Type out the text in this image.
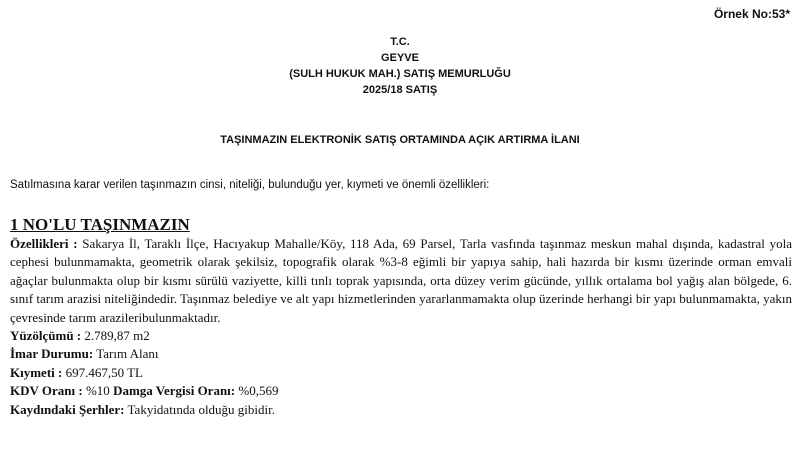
Örnek No:53*
T.C.
GEYVE
(SULH HUKUK MAH.) SATIŞ MEMURLUĞU
2025/18 SATIŞ
TAŞINMAZIN ELEKTRONİK SATIŞ ORTAMINDA AÇIK ARTIRMA İLANI
Satılmasına karar verilen taşınmazın cinsi, niteliği, bulunduğu yer, kıymeti ve önemli özellikleri:

1 NO'LU TAŞINMAZIN

Özellikleri : Sakarya İl, Taraklı İlçe, Hacıyakup Mahalle/Köy, 118 Ada, 69 Parsel, Tarla vasfında taşınmaz meskun mahal dışında, kadastral yola cephesi bulunmamakta, geometrik olarak şekilsiz, topografik olarak %3-8 eğimli bir yapıya sahip, hali hazırda bir kısmı üzerinde orman emvali ağaçlar bulunmakta olup bir kısmı sürülü vaziyette, killi tınlı toprak yapısında, orta düzey verim gücünde, yıllık ortalama bol yağış alan bölgede, 6. sınıf tarım arazisi niteliğindedir. Taşınmaz belediye ve alt yapı hizmetlerinden yararlanmamakta olup üzerinde herhangi bir yapı bulunmamakta, yakın çevresinde tarım arazileribulunmaktadır.

Yüzölçümü : 2.789,87 m2

İmar Durumu: Tarım Alanı

Kıymeti : 697.467,50 TL

KDV Oranı : %10 Damga Vergisi Oranı: %0,569

Kaydındaki Şerhler: Takyidatında olduğu gibidir.
